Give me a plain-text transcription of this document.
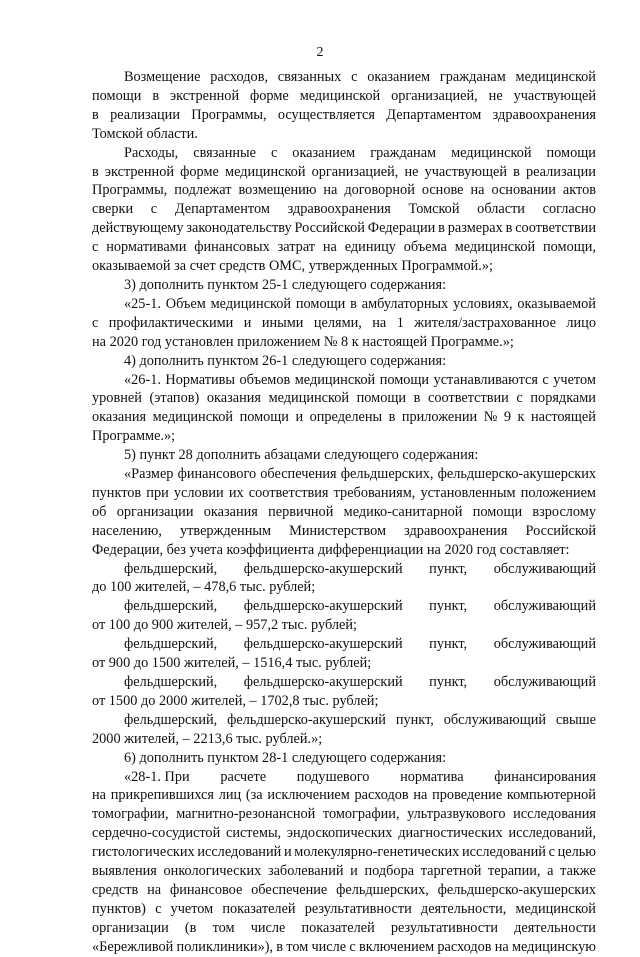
2
Возмещение расходов, связанных с оказанием гражданам медицинской
помощи в экстренной форме медицинской организацией, не участвующей
в реализации Программы, осуществляется Департаментом здравоохранения
Томской области.
Расходы, связанные с оказанием гражданам медицинской помощи
в экстренной форме медицинской организацией, не участвующей в реализации
Программы, подлежат возмещению на договорной основе на основании актов
сверки с Департаментом здравоохранения Томской области согласно
действующему законодательству Российской Федерации в размерах в соответствии
с нормативами финансовых затрат на единицу объема медицинской помощи,
оказываемой за счет средств ОМС, утвержденных Программой.»;
3) дополнить пунктом 25-1 следующего содержания:
«25-1. Объем медицинской помощи в амбулаторных условиях, оказываемой
с профилактическими и иными целями, на 1 жителя/застрахованное лицо
на 2020 год установлен приложением № 8 к настоящей Программе.»;
4) дополнить пунктом 26-1 следующего содержания:
«26-1. Нормативы объемов медицинской помощи устанавливаются с учетом
уровней (этапов) оказания медицинской помощи в соответствии с порядками
оказания медицинской помощи и определены в приложении № 9 к настоящей
Программе.»;
5) пункт 28 дополнить абзацами следующего содержания:
«Размер финансового обеспечения фельдшерских, фельдшерско-акушерских
пунктов при условии их соответствия требованиям, установленным положением
об организации оказания первичной медико-санитарной помощи взрослому
населению, утвержденным Министерством здравоохранения Российской
Федерации, без учета коэффициента дифференциации на 2020 год составляет:
фельдшерский, фельдшерско-акушерский пункт, обслуживающий
до 100 жителей, – 478,6 тыс. рублей;
фельдшерский, фельдшерско-акушерский пункт, обслуживающий
от 100 до 900 жителей, – 957,2 тыс. рублей;
фельдшерский, фельдшерско-акушерский пункт, обслуживающий
от 900 до 1500 жителей, – 1516,4 тыс. рублей;
фельдшерский, фельдшерско-акушерский пункт, обслуживающий
от 1500 до 2000 жителей, – 1702,8 тыс. рублей;
фельдшерский, фельдшерско-акушерский пункт, обслуживающий свыше
2000 жителей, – 2213,6 тыс. рублей.»;
6) дополнить пунктом 28-1 следующего содержания:
«28-1. При расчете подушевого норматива финансирования
на прикрепившихся лиц (за исключением расходов на проведение компьютерной
томографии, магнитно-резонансной томографии, ультразвукового исследования
сердечно-сосудистой системы, эндоскопических диагностических исследований,
гистологических исследований и молекулярно-генетических исследований с целью
выявления онкологических заболеваний и подбора таргетной терапии, а также
средств на финансовое обеспечение фельдшерских, фельдшерско-акушерских
пунктов) с учетом показателей результативности деятельности, медицинской
организации (в том числе показателей результативности деятельности
«Бережливой поликлиники»), в том числе с включением расходов на медицинскую
